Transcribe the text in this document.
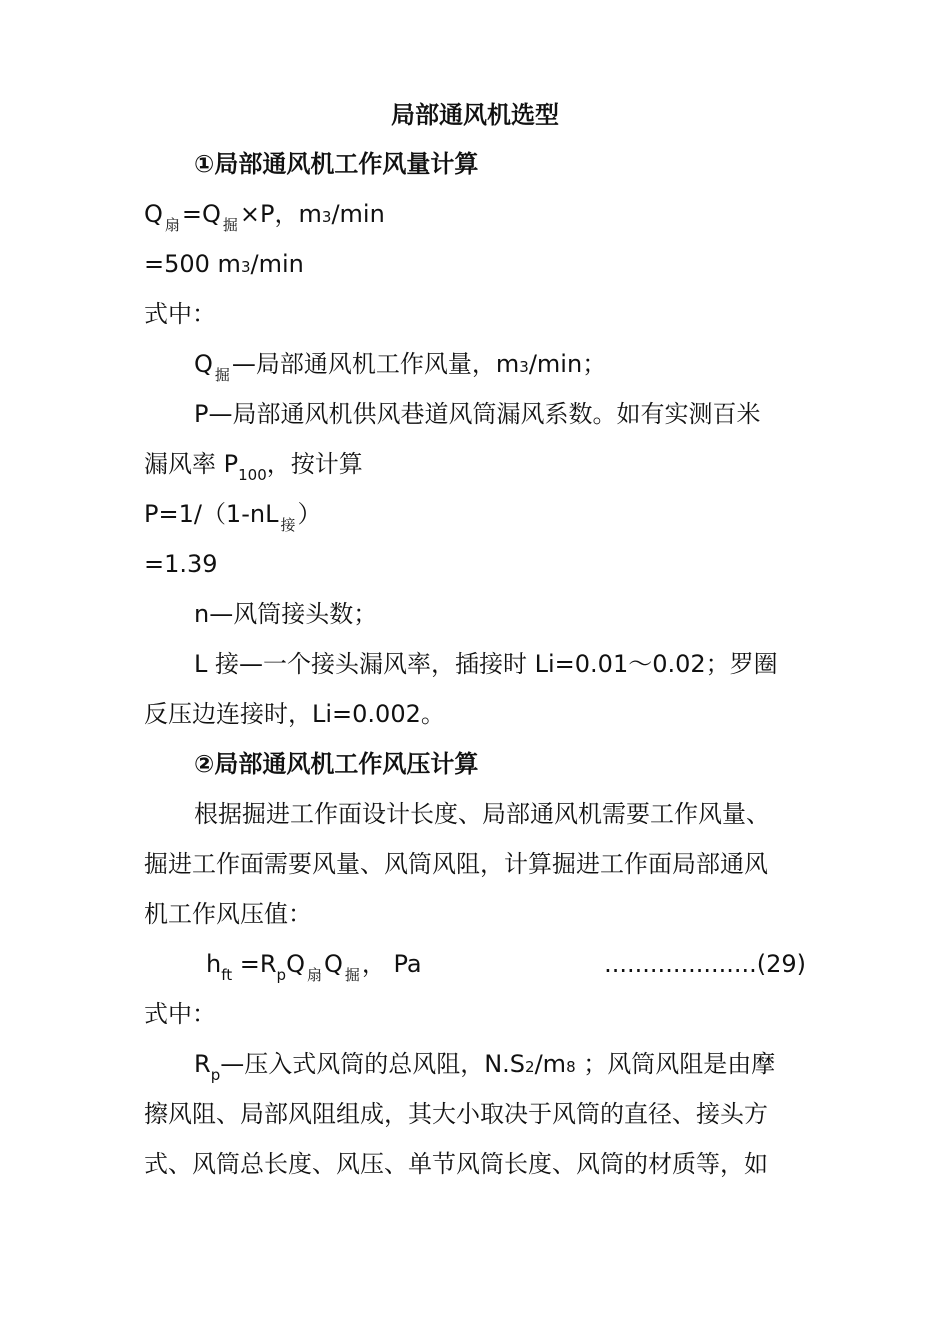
局部通风机选型
①局部通风机工作风量计算
Q $_扇$=Q $_掘$×P，m3/min
=500 m3/min
式中：
Q $_掘$—局部通风机工作风量，m3/min；
P—局部通风机供风巷道风筒漏风系数。如有实测百米
漏风率 $P_{100}$，按计算
P=1/（1-nL $_接$）
=1.39
n—风筒接头数；
L 接—一个接头漏风率，插接时 Li=0.01～0.02；罗圈
反压边连接时，Li=0.002。
②局部通风机工作风压计算
根据掘进工作面设计长度、局部通风机需要工作风量、
掘进工作面需要风量、风筒风阻，计算掘进工作面局部通风
机工作风压值：
$h_{ft} =R_pQ$ $_扇$Q $_掘$， Pa	....................(29)
式中：
$R_p—$压入式风筒的总风阻，N.S2/m8 ；风筒风阻是由摩
擦风阻、局部风阻组成，其大小取决于风筒的直径、接头方
式、风筒总长度、风压、单节风筒长度、风筒的材质等，如
